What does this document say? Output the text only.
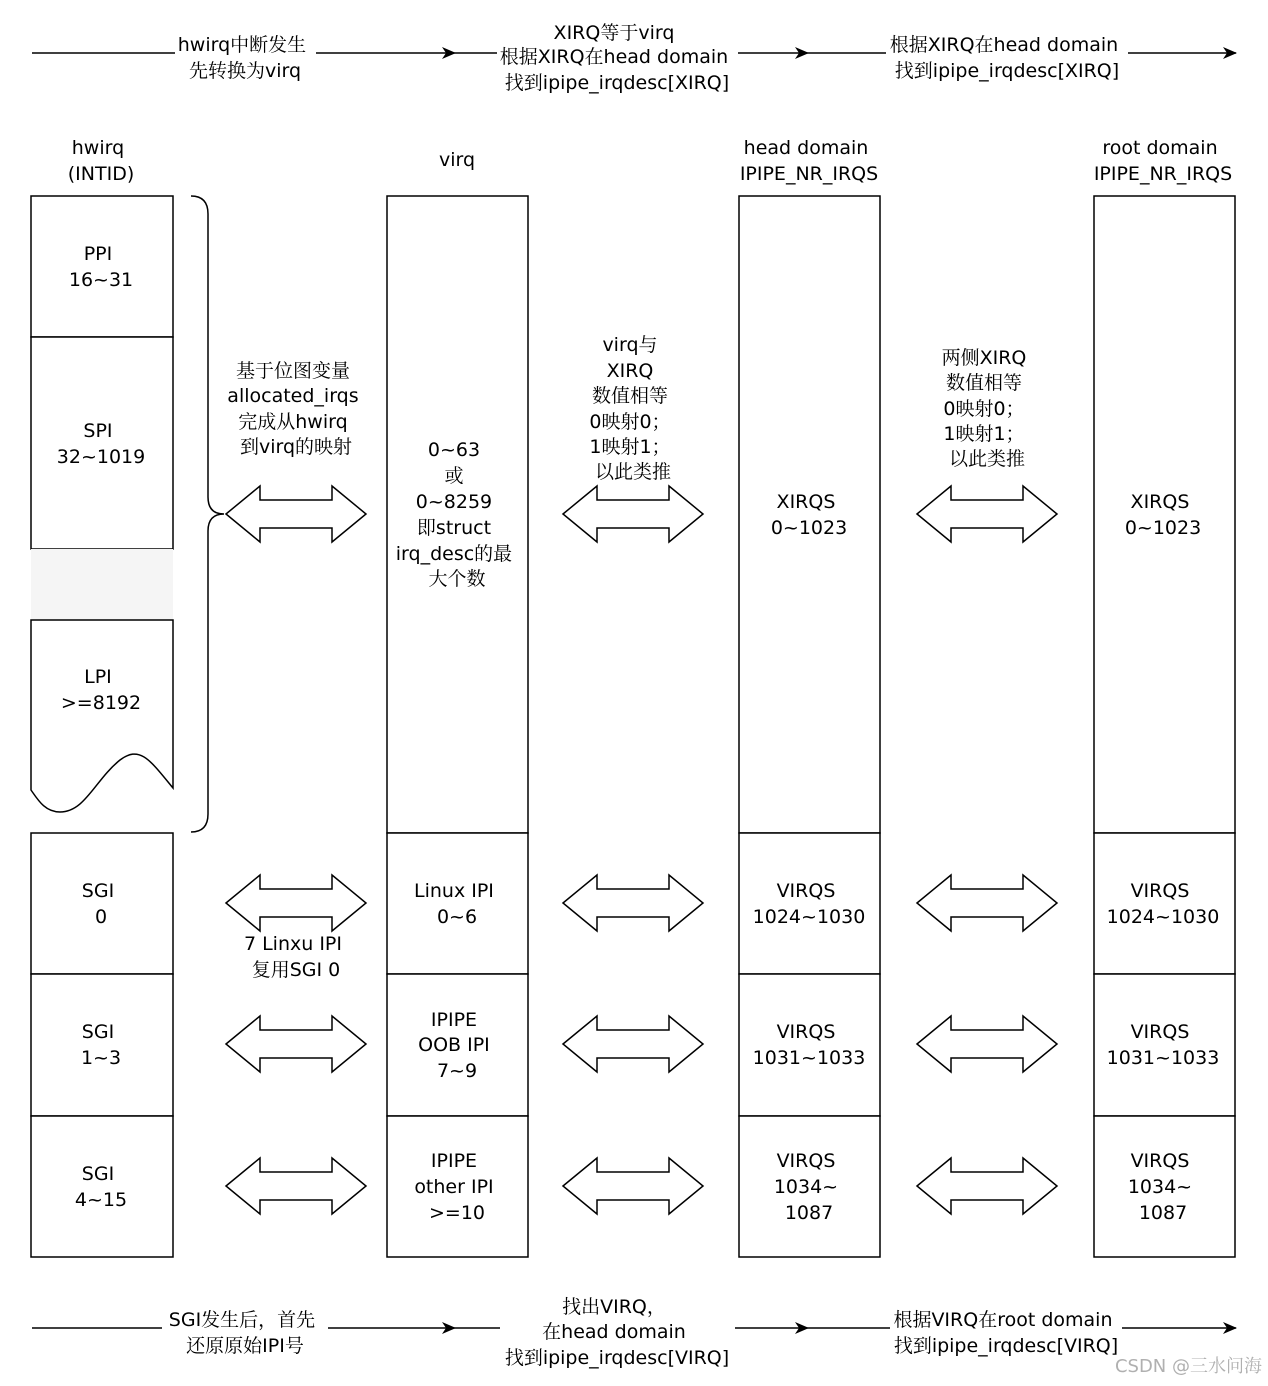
hwirq中断发生 先转换为virq
XIRQ等于virq 根据XIRQ在head domain 找到ipipe_irqdesc[XIRQ]
根据XIRQ在head domain 找到ipipe_irqdesc[XIRQ]
hwirq (INTID)
virq
head domain IPIPE_NR_IRQS
root domain IPIPE_NR_IRQS
PPI 16~31
SPI 32~1019
LPI >=8192
SGI 0
SGI 1~3
SGI 4~15
0~63 或 0~8259 即struct irq_desc的最 大个数
Linux IPI 0~6
IPIPE OOB IPI 7~9
IPIPE other IPI >=10
XIRQS 0~1023
VIRQS 1024~1030
VIRQS 1031~1033
VIRQS 1034~ 1087
XIRQS 0~1023
VIRQS 1024~1030
VIRQS 1031~1033
VIRQS 1034~ 1087
基于位图变量 allocated_irqs 完成从hwirq 到virq的映射
virq与 XIRQ 数值相等 0映射0； 1映射1； 以此类推
两侧XIRQ 数值相等 0映射0； 1映射1； 以此类推
7 Linxu IPI 复用SGI 0
SGI发生后，首先 还原原始IPI号
找出VIRQ， 在head domain 找到ipipe_irqdesc[VIRQ]
根据VIRQ在root domain 找到ipipe_irqdesc[VIRQ]
CSDN @三水问海
